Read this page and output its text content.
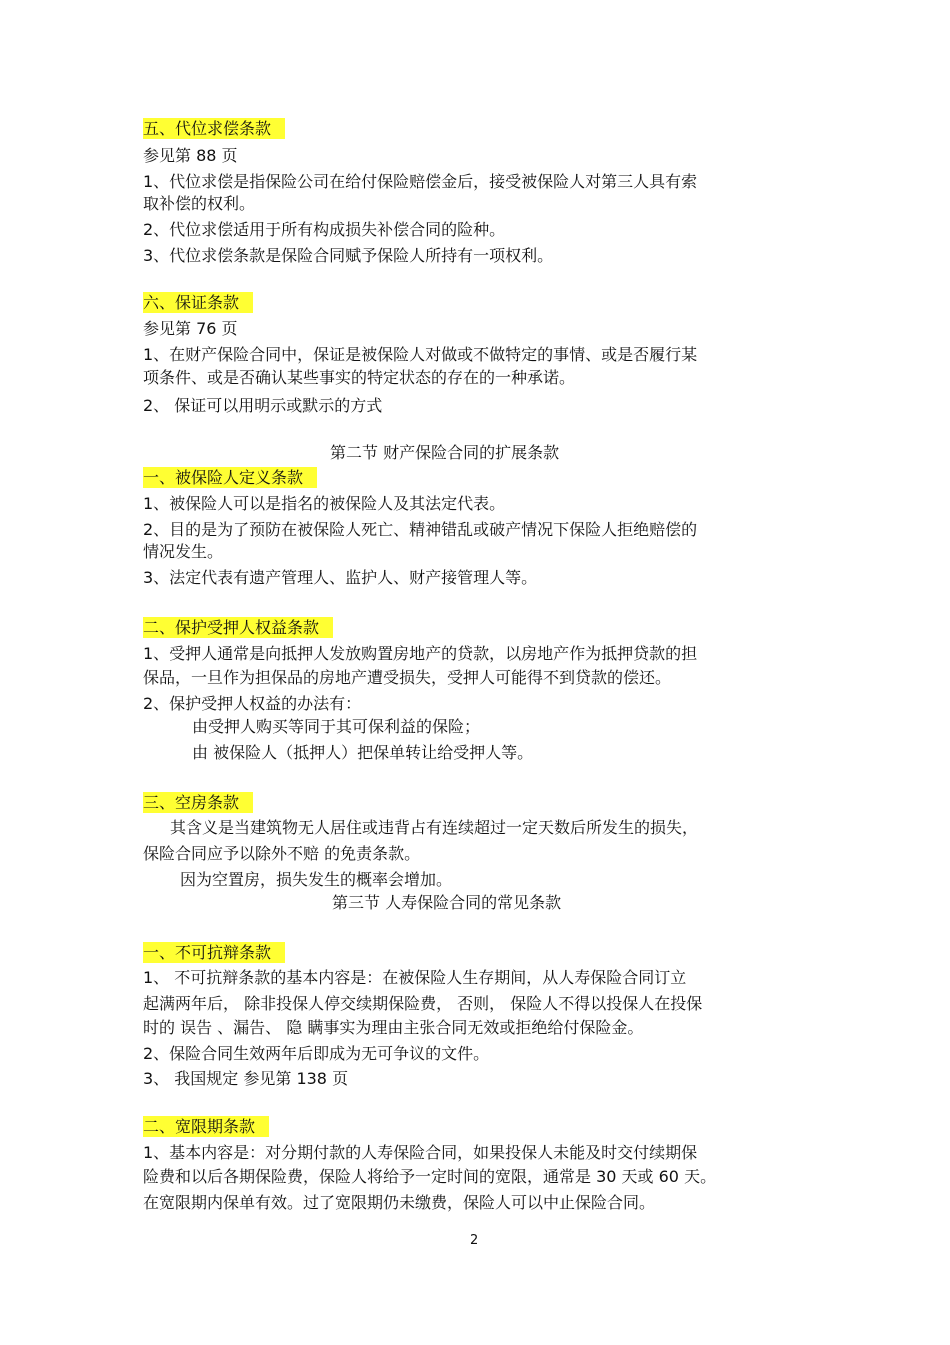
五、代位求偿条款
参见第 88 页
1、代位求偿是指保险公司在给付保险赔偿金后，接受被保险人对第三人具有索
取补偿的权利。
2、代位求偿适用于所有构成损失补偿合同的险种。
3、代位求偿条款是保险合同赋予保险人所持有一项权利。
六、保证条款
参见第 76 页
1、在财产保险合同中，保证是被保险人对做或不做特定的事情、或是否履行某
项条件、或是否确认某些事实的特定状态的存在的一种承诺。
2、 保证可以用明示或默示的方式
第二节 财产保险合同的扩展条款
一、被保险人定义条款
1、被保险人可以是指名的被保险人及其法定代表。
2、目的是为了预防在被保险人死亡、精神错乱或破产情况下保险人拒绝赔偿的
情况发生。
3、法定代表有遗产管理人、监护人、财产接管理人等。
二、保护受押人权益条款
1、受押人通常是向抵押人发放购置房地产的贷款，以房地产作为抵押贷款的担
保品，一旦作为担保品的房地产遭受损失，受押人可能得不到贷款的偿还。
2、保护受押人权益的办法有：
由受押人购买等同于其可保利益的保险；
由 被保险人（抵押人）把保单转让给受押人等。
三、空房条款
其含义是当建筑物无人居住或违背占有连续超过一定天数后所发生的损失，
保险合同应予以除外不赔 的免责条款。
因为空置房，损失发生的概率会增加。
第三节 人寿保险合同的常见条款
一、不可抗辩条款
1、 不可抗辩条款的基本内容是：在被保险人生存期间，从人寿保险合同订立
起满两年后， 除非投保人停交续期保险费， 否则， 保险人不得以投保人在投保
时的 误告 、漏告、 隐 瞒事实为理由主张合同无效或拒绝给付保险金。
2、保险合同生效两年后即成为无可争议的文件。
3、 我国规定 参见第 138 页
二、宽限期条款
1、基本内容是：对分期付款的人寿保险合同，如果投保人未能及时交付续期保
险费和以后各期保险费，保险人将给予一定时间的宽限，通常是 30 天或 60 天。
在宽限期内保单有效。过了宽限期仍未缴费，保险人可以中止保险合同。
2
